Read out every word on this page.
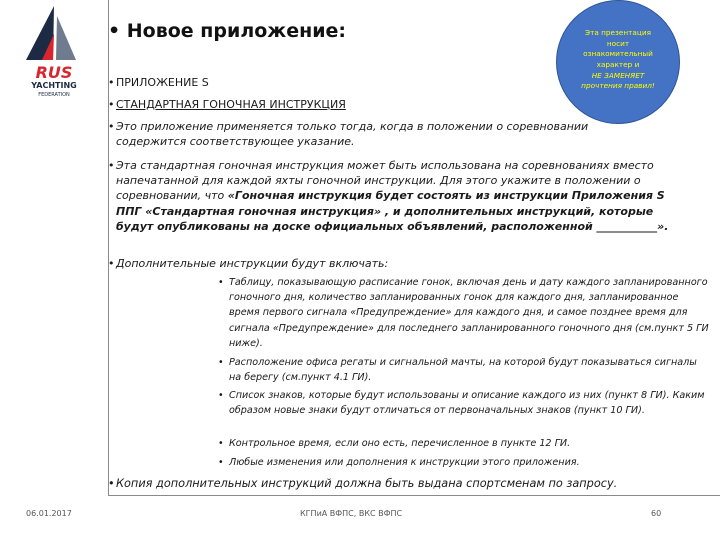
RUS
YACHTING
FEDERATION
• Новое приложение:
• ПРИЛОЖЕНИЕ S
• СТАНДАРТНАЯ ГОНОЧНАЯ ИНСТРУКЦИЯ
• Это приложение применяется только тогда, когда в положении о соревновании содержится соответствующее указание.
• Эта стандартная гоночная инструкция может быть использована на соревнованиях вместо напечатанной для каждой яхты гоночной инструкции. Для этого укажите в положении о соревновании, что «Гоночная инструкция будет состоять из инструкции Приложения S ППГ «Стандартная гоночная инструкция» , и дополнительных инструкций, которые будут опубликованы на доске официальных объявлений, расположенной ___________».
• Дополнительные инструкции будут включать:
• Таблицу, показывающую расписание гонок, включая день и дату каждого запланированного гоночного дня, количество запланированных гонок для каждого дня, запланированное время первого сигнала «Предупреждение» для каждого дня, и самое позднее время для сигнала «Предупреждение» для последнего запланированного гоночного дня (см.пункт 5 ГИ ниже).
• Расположение офиса регаты и сигнальной мачты, на которой будут показываться сигналы на берегу (см.пункт 4.1 ГИ).
• Список знаков, которые будут использованы и описание каждого из них (пункт 8 ГИ). Каким образом новые знаки будут отличаться от первоначальных знаков (пункт 10 ГИ).
• Контрольное время, если оно есть, перечисленное в пункте 12 ГИ.
• Любые изменения или дополнения к инструкции этого приложения.
• Копия дополнительных инструкций должна быть выдана спортсменам по запросу.
Эта презентация носит ознакомительный характер и
НЕ ЗАМЕНЯЕТ прочтения правил!
06.01.2017	КГПиА ВФПС, ВКС ВФПС	60
